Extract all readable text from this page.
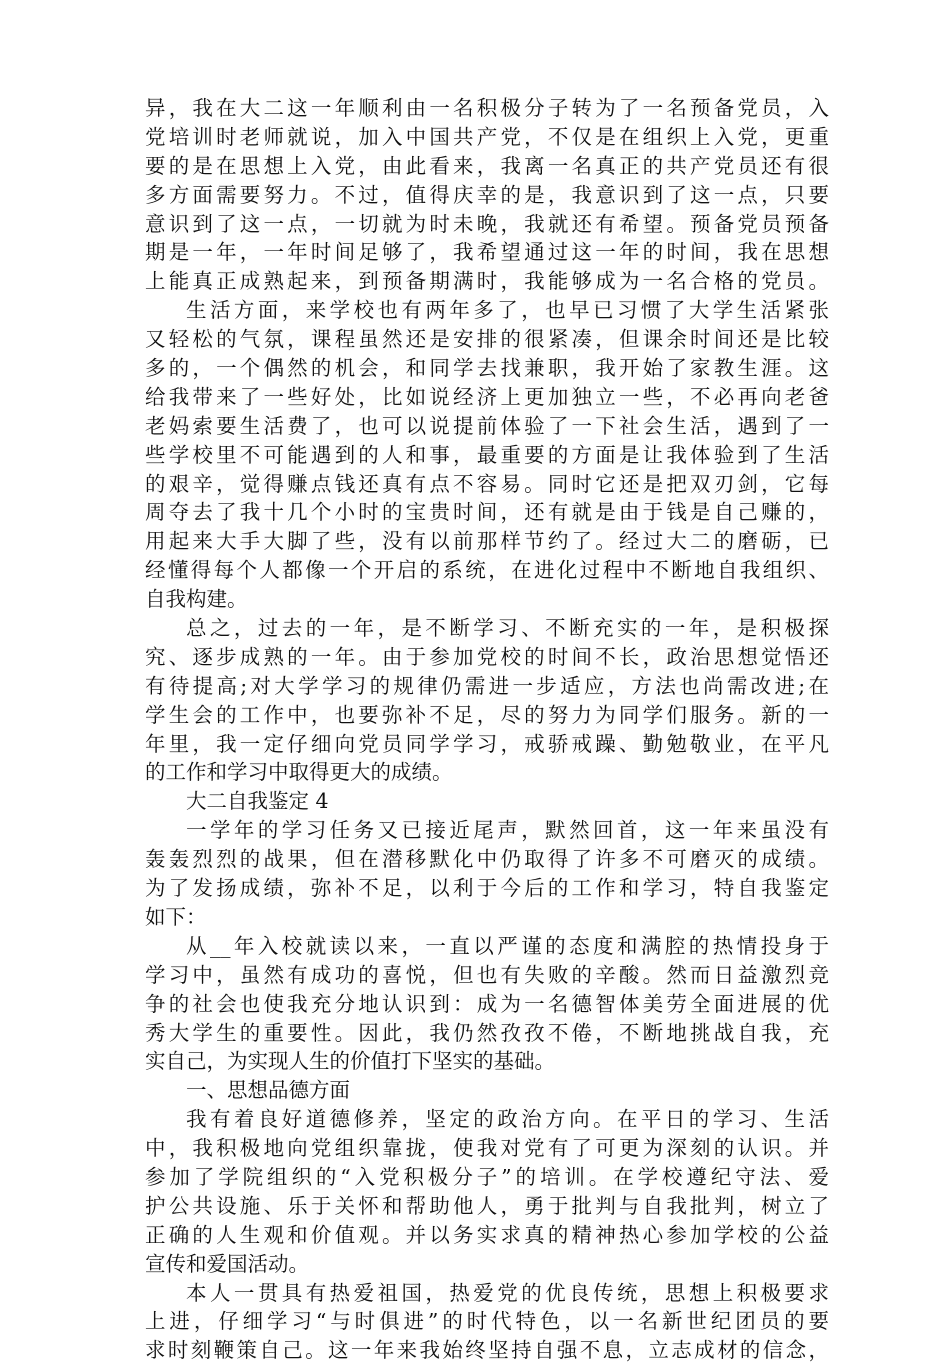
异，我在大二这一年顺利由一名积极分子转为了一名预备党员，入
党培训时老师就说，加入中国共产党，不仅是在组织上入党，更重
要的是在思想上入党，由此看来，我离一名真正的共产党员还有很
多方面需要努力。不过，值得庆幸的是，我意识到了这一点，只要
意识到了这一点，一切就为时未晚，我就还有希望。预备党员预备
期是一年，一年时间足够了，我希望通过这一年的时间，我在思想
上能真正成熟起来，到预备期满时，我能够成为一名合格的党员。
生活方面，来学校也有两年多了，也早已习惯了大学生活紧张
又轻松的气氛，课程虽然还是安排的很紧凑，但课余时间还是比较
多的，一个偶然的机会，和同学去找兼职，我开始了家教生涯。这
给我带来了一些好处，比如说经济上更加独立一些，不必再向老爸
老妈索要生活费了，也可以说提前体验了一下社会生活，遇到了一
些学校里不可能遇到的人和事，最重要的方面是让我体验到了生活
的艰辛，觉得赚点钱还真有点不容易。同时它还是把双刃剑，它每
周夺去了我十几个小时的宝贵时间，还有就是由于钱是自己赚的，
用起来大手大脚了些，没有以前那样节约了。经过大二的磨砺，已
经懂得每个人都像一个开启的系统，在进化过程中不断地自我组织、
自我构建。
总之，过去的一年，是不断学习、不断充实的一年，是积极探
究、逐步成熟的一年。由于参加党校的时间不长，政治思想觉悟还
有待提高;对大学学习的规律仍需进一步适应，方法也尚需改进;在
学生会的工作中，也要弥补不足，尽的努力为同学们服务。新的一
年里，我一定仔细向党员同学学习，戒骄戒躁、勤勉敬业，在平凡
的工作和学习中取得更大的成绩。
大二自我鉴定 4
一学年的学习任务又已接近尾声，默然回首，这一年来虽没有
轰轰烈烈的战果，但在潜移默化中仍取得了许多不可磨灭的成绩。
为了发扬成绩，弥补不足，以利于今后的工作和学习，特自我鉴定
如下：
从__年入校就读以来，一直以严谨的态度和满腔的热情投身于
学习中，虽然有成功的喜悦，但也有失败的辛酸。然而日益激烈竞
争的社会也使我充分地认识到：成为一名德智体美劳全面进展的优
秀大学生的重要性。因此，我仍然孜孜不倦，不断地挑战自我，充
实自己，为实现人生的价值打下坚实的基础。
一、思想品德方面
我有着良好道德修养，坚定的政治方向。在平日的学习、生活
中，我积极地向党组织靠拢，使我对党有了可更为深刻的认识。并
参加了学院组织的“入党积极分子”的培训。在学校遵纪守法、爱
护公共设施、乐于关怀和帮助他人，勇于批判与自我批判，树立了
正确的人生观和价值观。并以务实求真的精神热心参加学校的公益
宣传和爱国活动。
本人一贯具有热爱祖国，热爱党的优良传统，思想上积极要求
上进，仔细学习“与时俱进”的时代特色，以一名新世纪团员的要
求时刻鞭策自己。这一年来我始终坚持自强不息，立志成材的信念，
